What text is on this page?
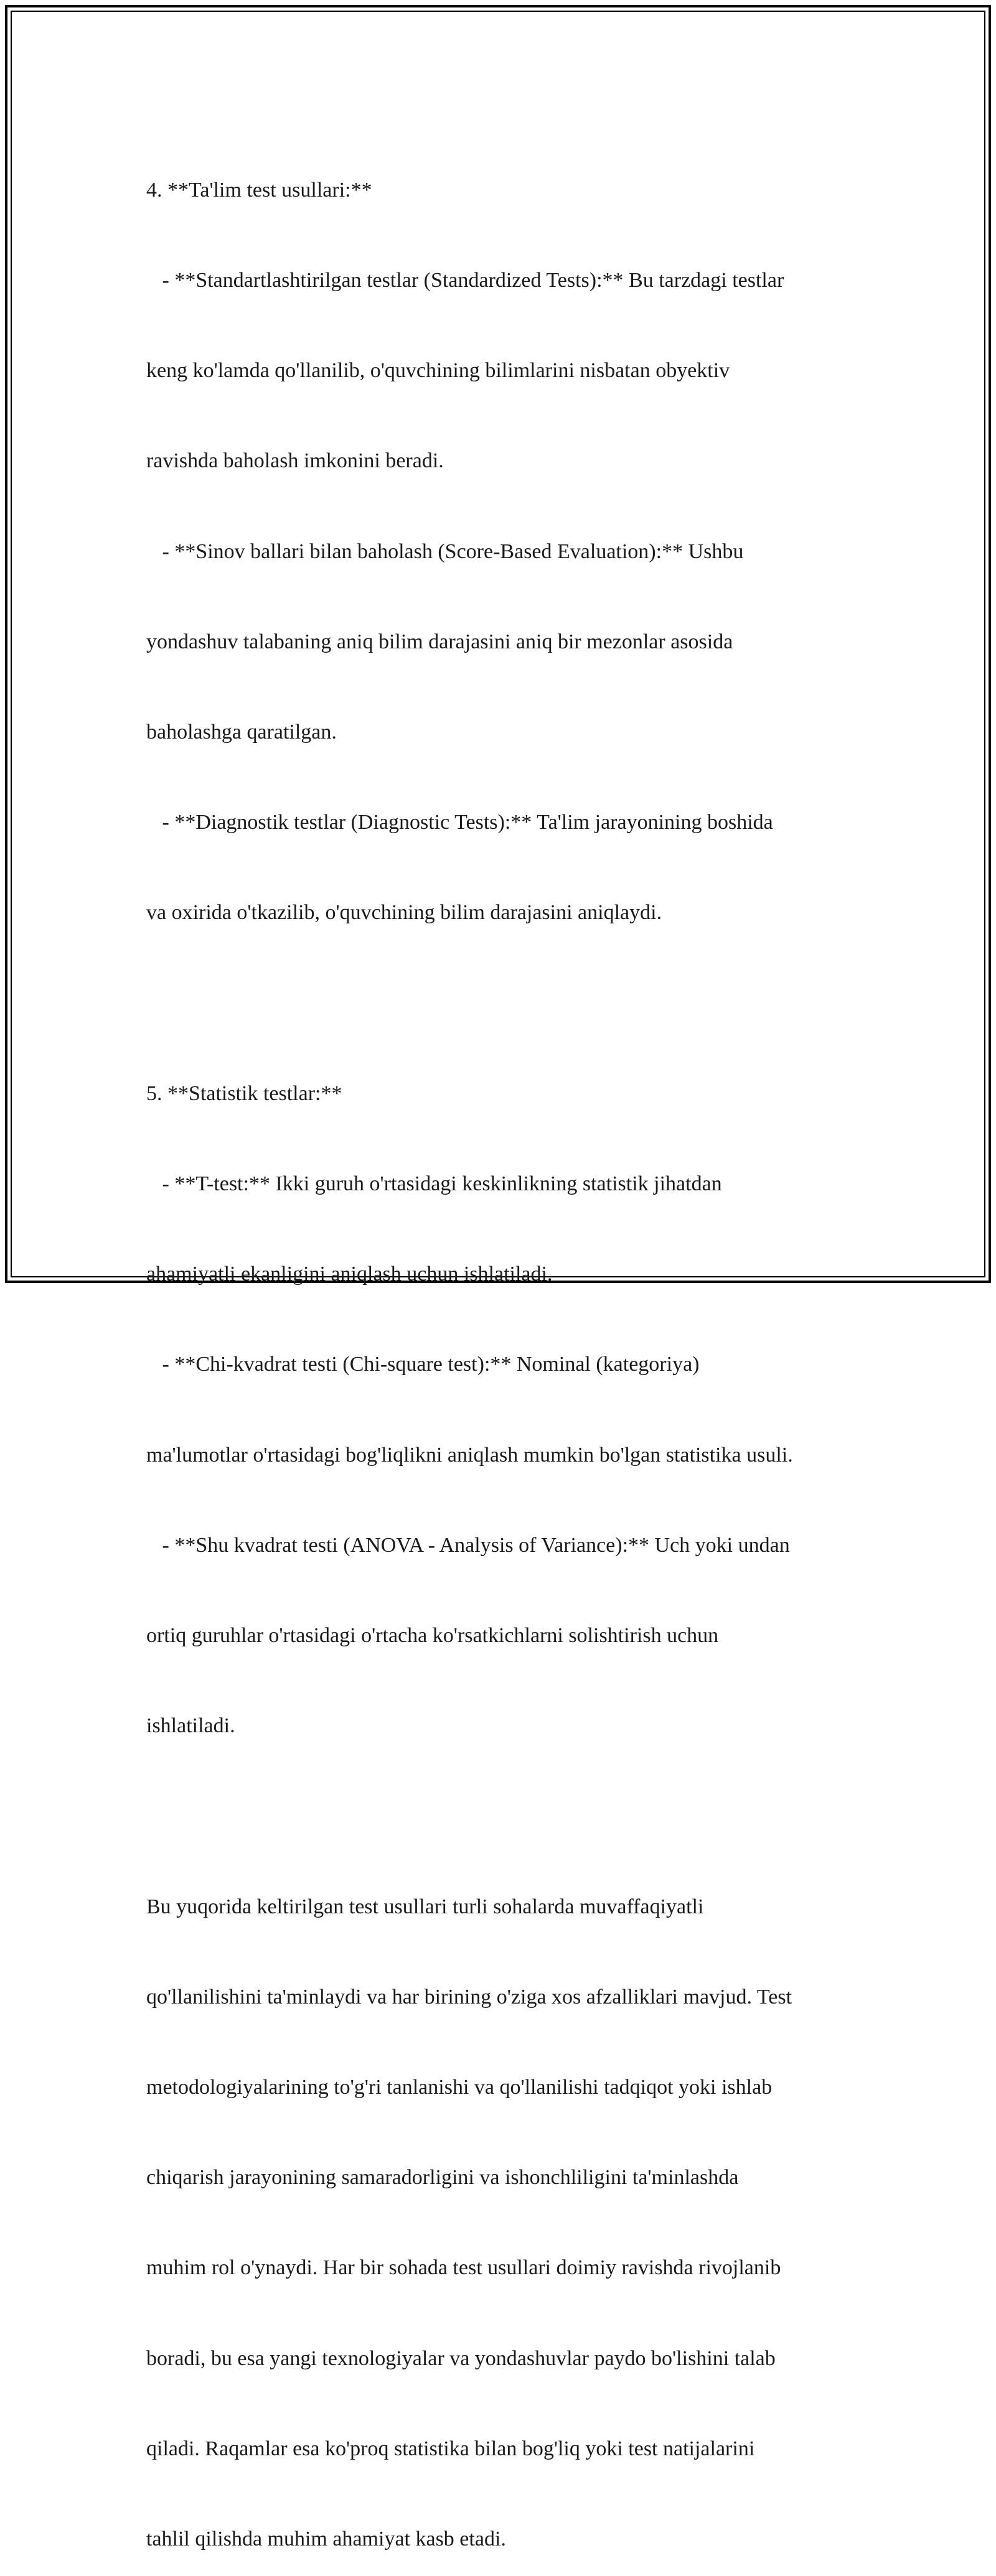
4. **Ta'lim test usullari:**

- **Standartlashtirilgan testlar (Standardized Tests):** Bu tarzdagi testlar

keng ko'lamda qo'llanilib, o'quvchining bilimlarini nisbatan obyektiv

ravishda baholash imkonini beradi.

- **Sinov ballari bilan baholash (Score-Based Evaluation):** Ushbu

yondashuv talabaning aniq bilim darajasini aniq bir mezonlar asosida

baholashga qaratilgan.

- **Diagnostik testlar (Diagnostic Tests):** Ta'lim jarayonining boshida

va oxirida o'tkazilib, o'quvchining bilim darajasini aniqlaydi.

5. **Statistik testlar:**

- **T-test:** Ikki guruh o'rtasidagi keskinlikning statistik jihatdan

ahamiyatli ekanligini aniqlash uchun ishlatiladi.

- **Chi-kvadrat testi (Chi-square test):** Nominal (kategoriya)

ma'lumotlar o'rtasidagi bog'liqlikni aniqlash mumkin bo'lgan statistika usuli.

- **Shu kvadrat testi (ANOVA - Analysis of Variance):** Uch yoki undan

ortiq guruhlar o'rtasidagi o'rtacha ko'rsatkichlarni solishtirish uchun

ishlatiladi.

Bu yuqorida keltirilgan test usullari turli sohalarda muvaffaqiyatli

qo'llanilishini ta'minlaydi va har birining o'ziga xos afzalliklari mavjud. Test

metodologiyalarining to'g'ri tanlanishi va qo'llanilishi tadqiqot yoki ishlab

chiqarish jarayonining samaradorligini va ishonchliligini ta'minlashda

muhim rol o'ynaydi. Har bir sohada test usullari doimiy ravishda rivojlanib

boradi, bu esa yangi texnologiyalar va yondashuvlar paydo bo'lishini talab

qiladi. Raqamlar esa ko'proq statistika bilan bog'liq yoki test natijalarini

tahlil qilishda muhim ahamiyat kasb etadi.
